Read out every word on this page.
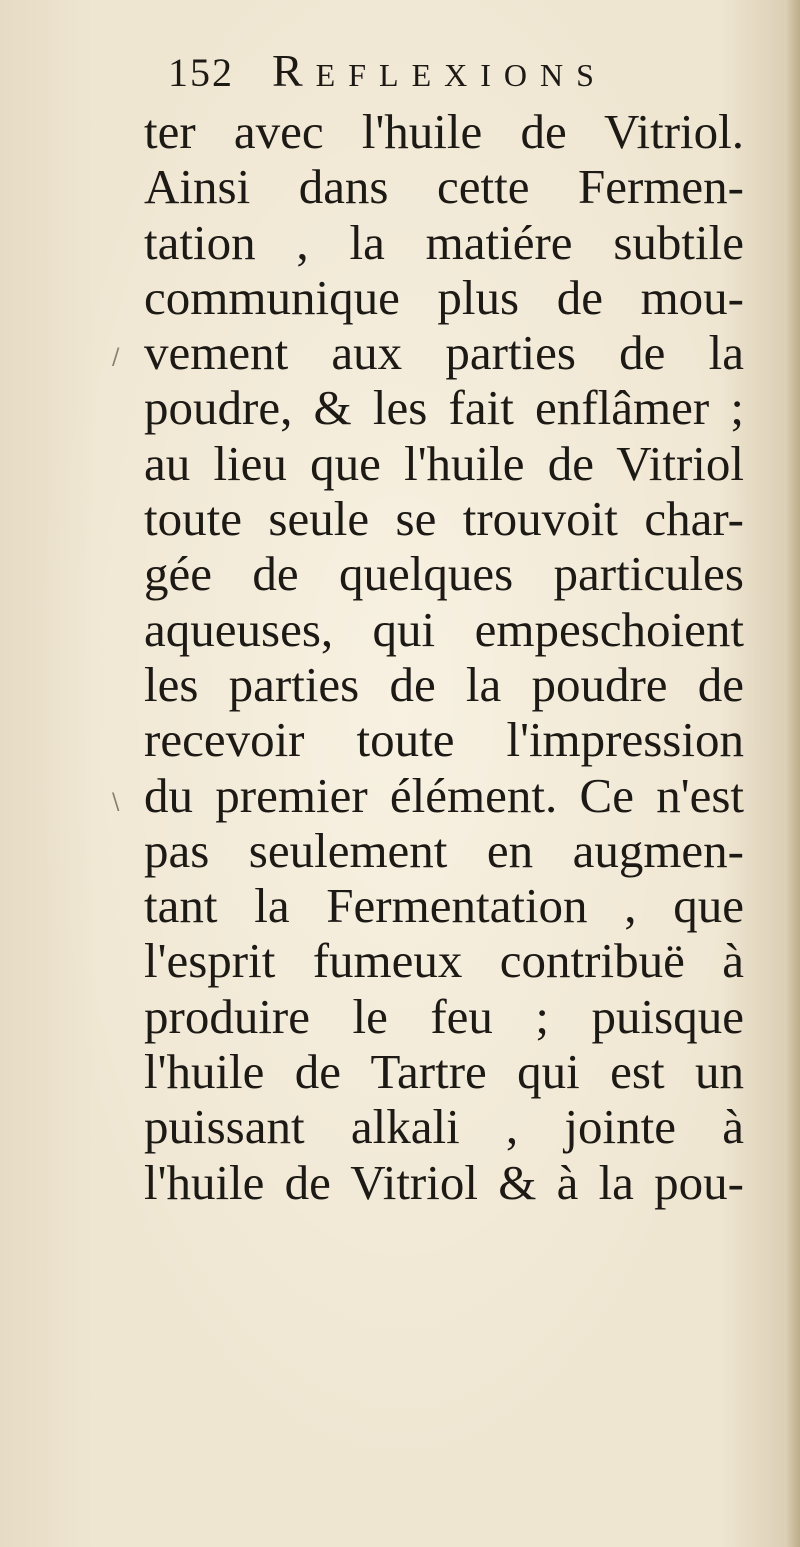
152 Reflexions
/
\
ter avec l'huile de Vitriol.
Ainsi dans cette Fermen-
tation , la matiére subtile
communique plus de mou-
vement aux parties de la
poudre, & les fait enflâmer ;
au lieu que l'huile de Vitriol
toute seule se trouvoit char-
gée de quelques particules
aqueuses, qui empeschoient
les parties de la poudre de
recevoir toute l'impression
du premier élément. Ce n'est
pas seulement en augmen-
tant la Fermentation , que
l'esprit fumeux contribuë à
produire le feu ; puisque
l'huile de Tartre qui est un
puissant alkali , jointe à
l'huile de Vitriol & à la pou-
